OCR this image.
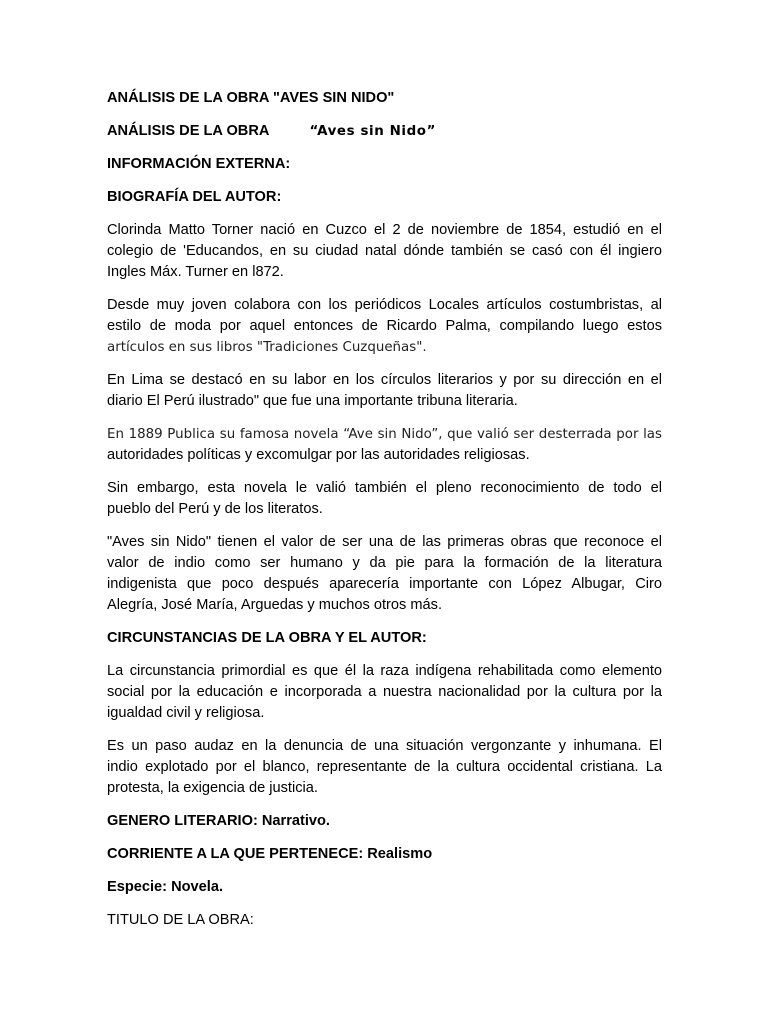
ANÁLISIS DE LA OBRA "AVES SIN NIDO"

ANÁLISIS DE LA OBRA	“Aves sin Nido”

INFORMACIÓN EXTERNA:

BIOGRAFÍA DEL AUTOR:

Clorinda Matto Torner nació en Cuzco el 2 de noviembre de 1854, estudió en el
colegio de 'Educandos, en su ciudad natal dónde también se casó con él ingiero
Ingles Máx. Turner en l872.
Desde muy joven colabora con los periódicos Locales artículos costumbristas, al
estilo de moda por aquel entonces de Ricardo Palma, compilando luego estos
artículos en sus libros "Tradiciones Cuzqueñas".
En Lima se destacó en su labor en los círculos literarios y por su dirección en el
diario El Perú ilustrado" que fue una importante tribuna literaria.
En 1889 Publica su famosa novela “Ave sin Nido”, que valió ser desterrada por las
autoridades políticas y excomulgar por las autoridades religiosas.
Sin embargo, esta novela le valió también el pleno reconocimiento de todo el
pueblo del Perú y de los literatos.
"Aves sin Nido" tienen el valor de ser una de las primeras obras que reconoce el
valor de indio como ser humano y da pie para la formación de la literatura
indigenista que poco después aparecería importante con López Albugar, Ciro
Alegría, José María, Arguedas y muchos otros más.

CIRCUNSTANCIAS DE LA OBRA Y EL AUTOR:

La circunstancia primordial es que él la raza indígena rehabilitada como elemento
social por la educación e incorporada a nuestra nacionalidad por la cultura por la
igualdad civil y religiosa.
Es un paso audaz en la denuncia de una situación vergonzante y inhumana. El
indio explotado por el blanco, representante de la cultura occidental cristiana. La
protesta, la exigencia de justicia.

GENERO LITERARIO: Narrativo.

CORRIENTE A LA QUE PERTENECE: Realismo

Especie: Novela.

TITULO DE LA OBRA:
